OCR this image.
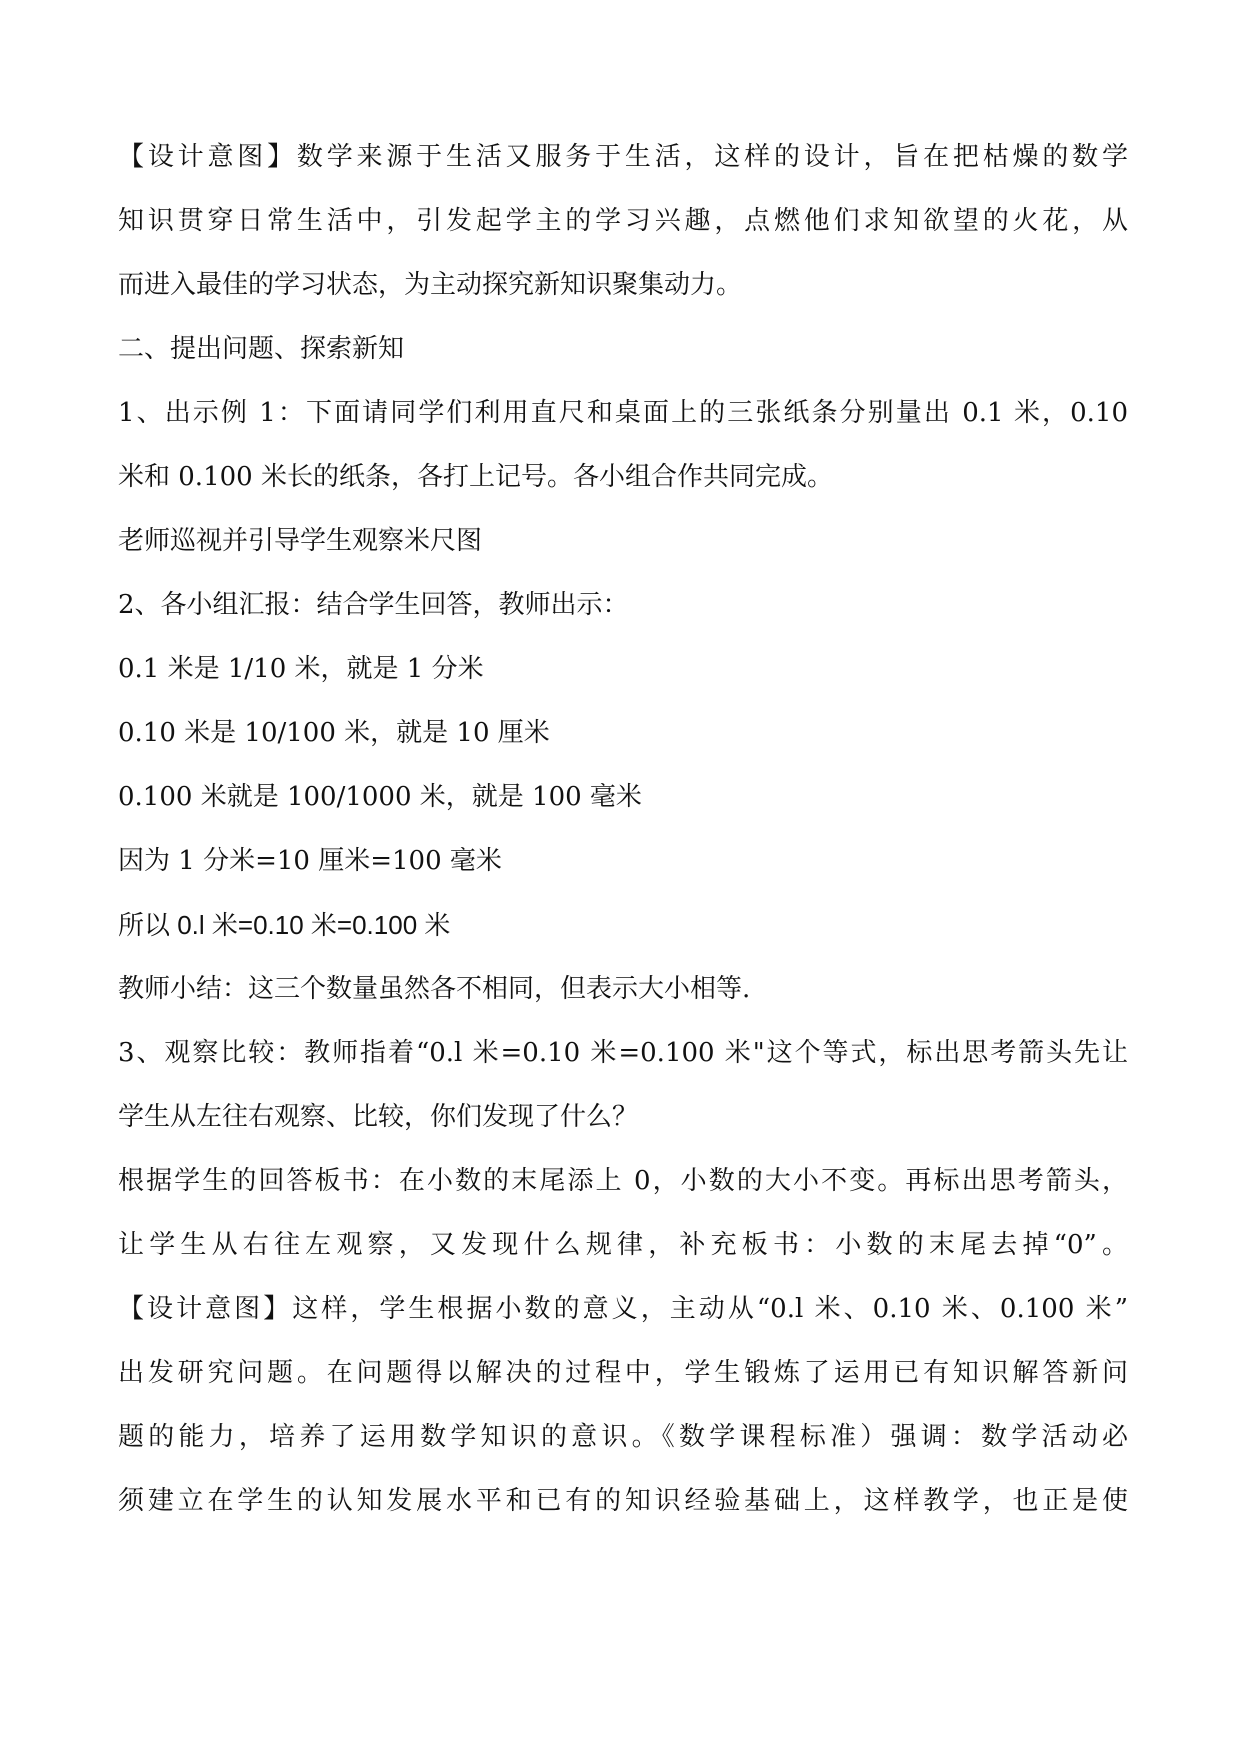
【设计意图】数学来源于生活又服务于生活，这样的设计，旨在把枯燥的数学
知识贯穿日常生活中，引发起学主的学习兴趣，点燃他们求知欲望的火花，从
而进入最佳的学习状态，为主动探究新知识聚集动力。
二、提出问题、探索新知
1、出示例 1：下面请同学们利用直尺和桌面上的三张纸条分别量出 0.1 米，0.10
米和 0.100 米长的纸条，各打上记号。各小组合作共同完成。
老师巡视并引导学生观察米尺图
2、各小组汇报：结合学生回答，教师出示：
0.1 米是 1/10 米，就是 1 分米
0.10 米是 10/100 米，就是 10 厘米
0.100 米就是 100/1000 米，就是 100 毫米
因为 1 分米=10 厘米=100 毫米
所以 0.l 米=0.10 米=0.100 米
教师小结：这三个数量虽然各不相同，但表示大小相等.
3、观察比较：教师指着“0.l 米=0.10 米=0.100 米"这个等式，标出思考箭头先让
学生从左往右观察、比较，你们发现了什么？
根据学生的回答板书：在小数的末尾添上 0，小数的大小不变。再标出思考箭头，
让学生从右往左观察，又发现什么规律，补充板书：小数的末尾去掉“0”。
【设计意图】这样，学生根据小数的意义，主动从“0.l 米、0.10 米、0.100 米”
出发研究问题。在问题得以解决的过程中，学生锻炼了运用已有知识解答新问
题的能力，培养了运用数学知识的意识。《数学课程标准）强调：数学活动必
须建立在学生的认知发展水平和已有的知识经验基础上，这样教学，也正是使
